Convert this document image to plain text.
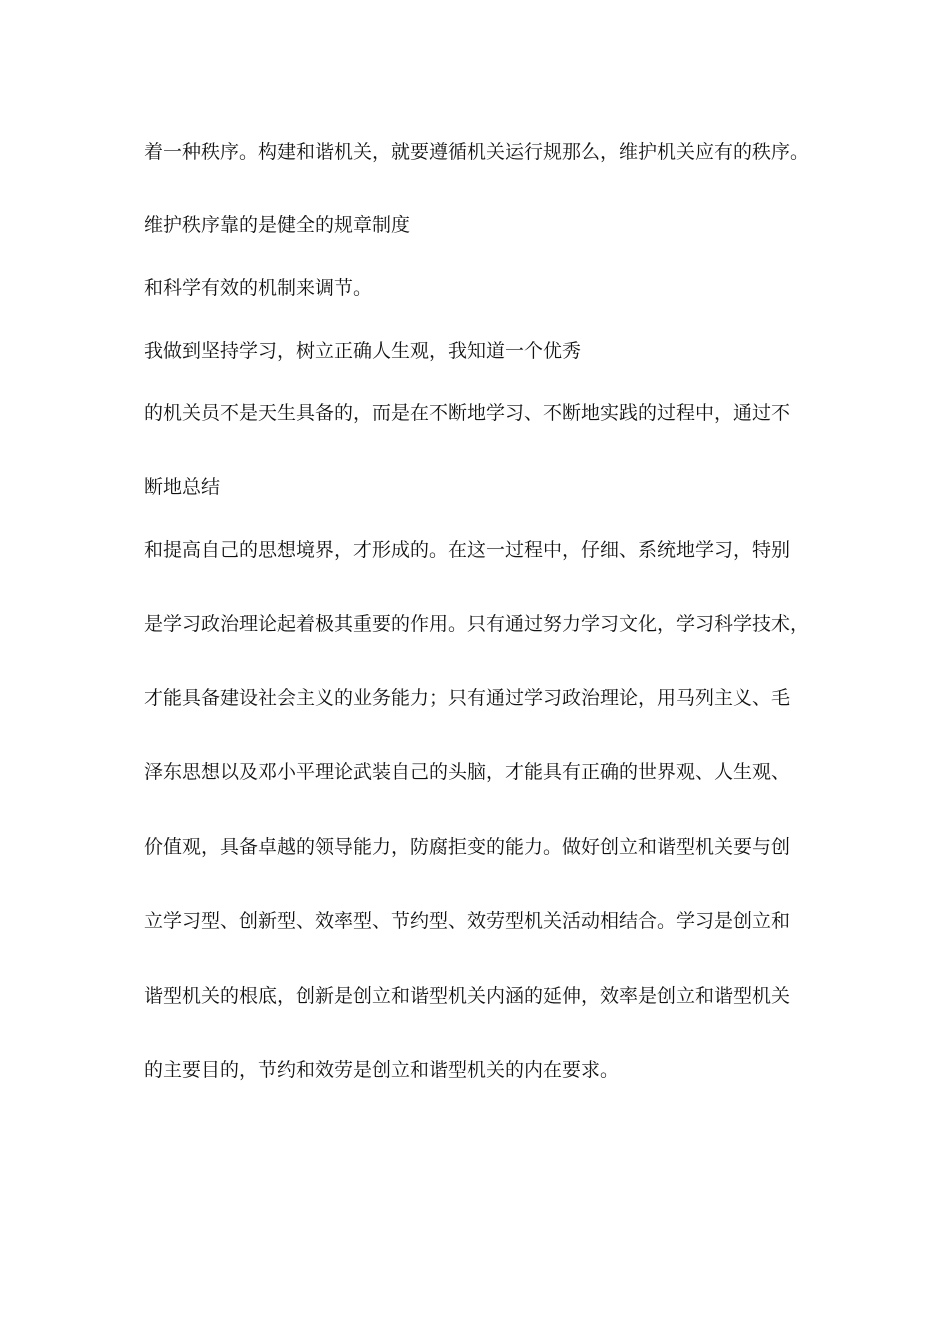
着一种秩序。构建和谐机关，就要遵循机关运行规那么，维护机关应有的秩序。

维护秩序靠的是健全的规章制度

和科学有效的机制来调节。

我做到坚持学习，树立正确人生观，我知道一个优秀

的机关员不是天生具备的，而是在不断地学习、不断地实践的过程中，通过不

断地总结

和提高自己的思想境界，才形成的。在这一过程中，仔细、系统地学习，特别

是学习政治理论起着极其重要的作用。只有通过努力学习文化，学习科学技术，

才能具备建设社会主义的业务能力；只有通过学习政治理论，用马列主义、毛

泽东思想以及邓小平理论武装自己的头脑，才能具有正确的世界观、人生观、

价值观，具备卓越的领导能力，防腐拒变的能力。做好创立和谐型机关要与创

立学习型、创新型、效率型、节约型、效劳型机关活动相结合。学习是创立和

谐型机关的根底，创新是创立和谐型机关内涵的延伸，效率是创立和谐型机关

的主要目的，节约和效劳是创立和谐型机关的内在要求。
